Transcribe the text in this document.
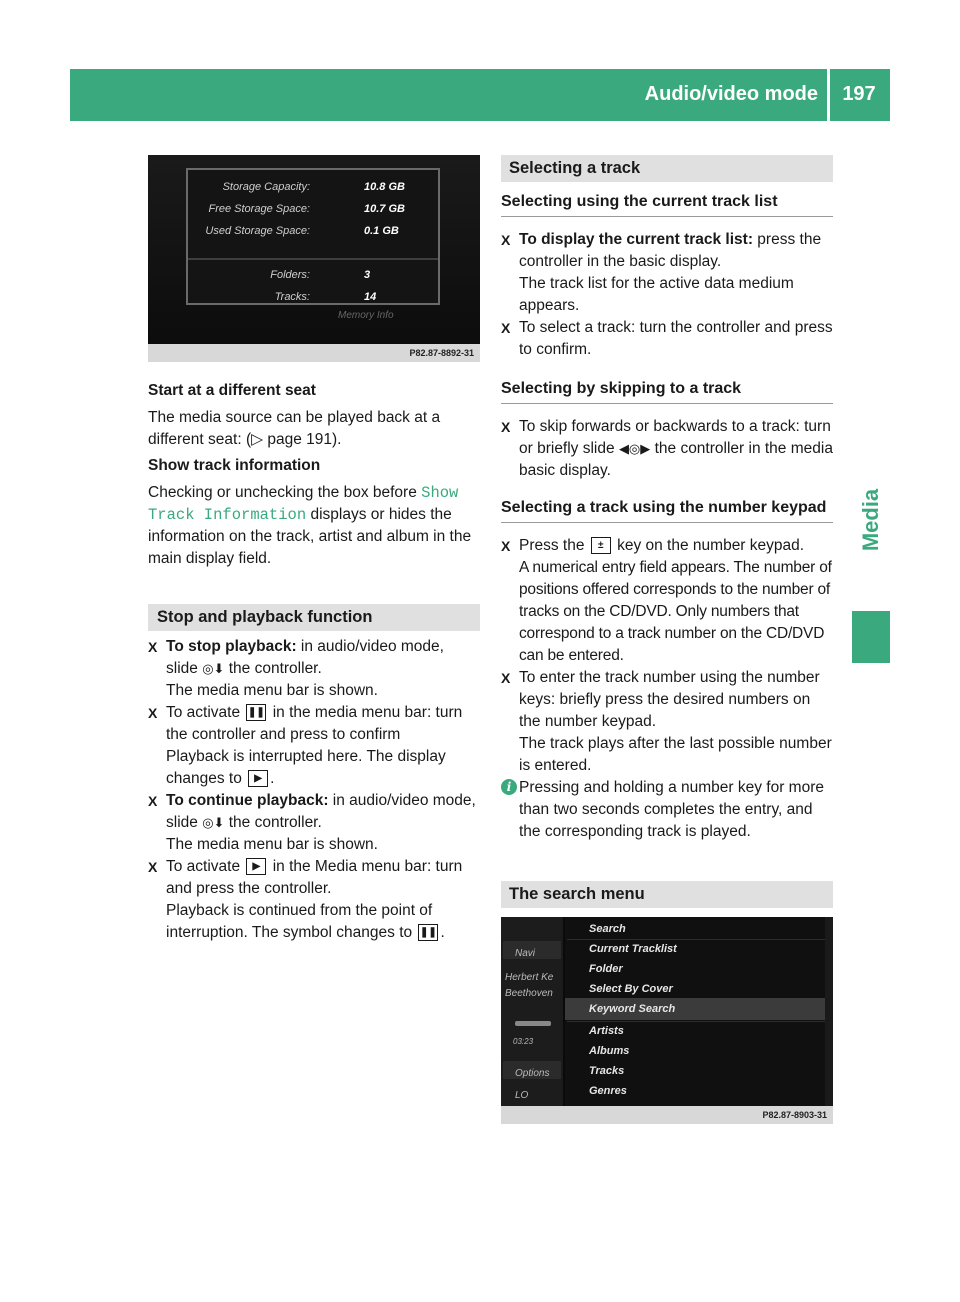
Audio/video mode	197
Media
Storage Capacity:	10.8 GB
Free Storage Space:	10.7 GB
Used Storage Space:	0.1 GB
Folders:	3
Tracks:	14
Memory Info
P82.87-8892-31

Start at a different seat

The media source can be played back at a different seat: (▷ page 191).

Show track information

Checking or unchecking the box before Show Track Information displays or hides the information on the track, artist and album in the main display field.

Stop and playback function
X To stop playback: in audio/video mode, slide ◎⬇ the controller.

The media menu bar is shown.

X To activate ❚❚ in the media menu bar: turn the controller and press to confirm

Playback is interrupted here. The display changes to ▶ .

X To continue playback: in audio/video mode, slide ◎⬇ the controller.

The media menu bar is shown.

X To activate ▶ in the Media menu bar: turn and press the controller.

Playback is continued from the point of interruption. The symbol changes to ❚❚ .

Selecting a track

Selecting using the current track list

X To display the current track list: press the controller in the basic display.

The track list for the active data medium appears.

X To select a track: turn the controller and press to confirm.

Selecting by skipping to a track

X To skip forwards or backwards to a track: turn or briefly slide ◀◎▶ the controller in the media basic display.

Selecting a track using the number keypad

X Press the ± key on the number keypad.

A numerical entry field appears. The number of positions offered corresponds to the number of tracks on the CD/DVD. Only numbers that correspond to a track number on the CD/DVD can be entered.

X To enter the track number using the number keys: briefly press the desired numbers on the number keypad.

The track plays after the last possible number is entered.

i Pressing and holding a number key for more than two seconds completes the entry, and the corresponding track is played.

The search menu
Navi
Herbert Ke
Beethoven
03:23
Options
LO
Search
Current Tracklist
Folder
Select By Cover
Keyword Search
Artists
Albums
Tracks
Genres
P82.87-8903-31
